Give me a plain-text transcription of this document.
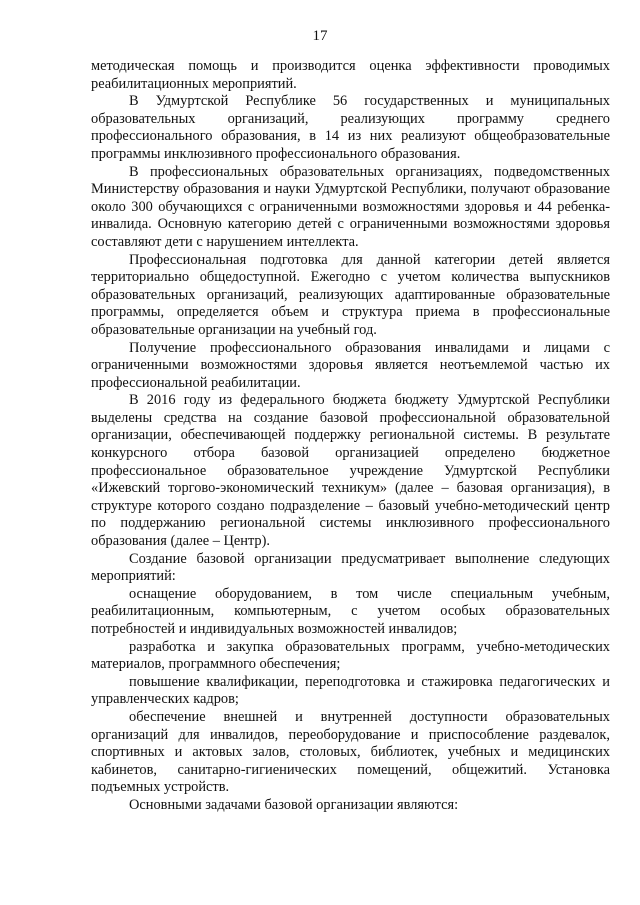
17

методическая помощь и производится оценка эффективности проводимых реабилитационных мероприятий.

В Удмуртской Республике 56 государственных и муниципальных образовательных организаций, реализующих программу среднего профессионального образования, в 14 из них реализуют общеобразовательные программы инклюзивного профессионального образования.

В профессиональных образовательных организациях, подведомственных Министерству образования и науки Удмуртской Республики, получают образование около 300 обучающихся с ограниченными возможностями здоровья и 44 ребенка-инвалида. Основную категорию детей с ограниченными возможностями здоровья составляют дети с нарушением интеллекта.

Профессиональная подготовка для данной категории детей является территориально общедоступной. Ежегодно с учетом количества выпускников образовательных организаций, реализующих адаптированные образовательные программы, определяется объем и структура приема в профессиональные образовательные организации на учебный год.

Получение профессионального образования инвалидами и лицами с ограниченными возможностями здоровья является неотъемлемой частью их профессиональной реабилитации.

В 2016 году из федерального бюджета бюджету Удмуртской Республики выделены средства на создание базовой профессиональной образовательной организации, обеспечивающей поддержку региональной системы. В результате конкурсного отбора базовой организацией определено бюджетное профессиональное образовательное учреждение Удмуртской Республики «Ижевский торгово-экономический техникум» (далее – базовая организация), в структуре которого создано подразделение – базовый учебно-методический центр по поддержанию региональной системы инклюзивного профессионального образования (далее – Центр).

Создание базовой организации предусматривает выполнение следующих мероприятий:

оснащение оборудованием, в том числе специальным учебным, реабилитационным, компьютерным, с учетом особых образовательных потребностей и индивидуальных возможностей инвалидов;

разработка и закупка образовательных программ, учебно-методических материалов, программного обеспечения;

повышение квалификации, переподготовка и стажировка педагогических и управленческих кадров;

обеспечение внешней и внутренней доступности образовательных организаций для инвалидов, переоборудование и приспособление раздевалок, спортивных и актовых залов, столовых, библиотек, учебных и медицинских кабинетов, санитарно-гигиенических помещений, общежитий. Установка подъемных устройств.

Основными задачами базовой организации являются:
